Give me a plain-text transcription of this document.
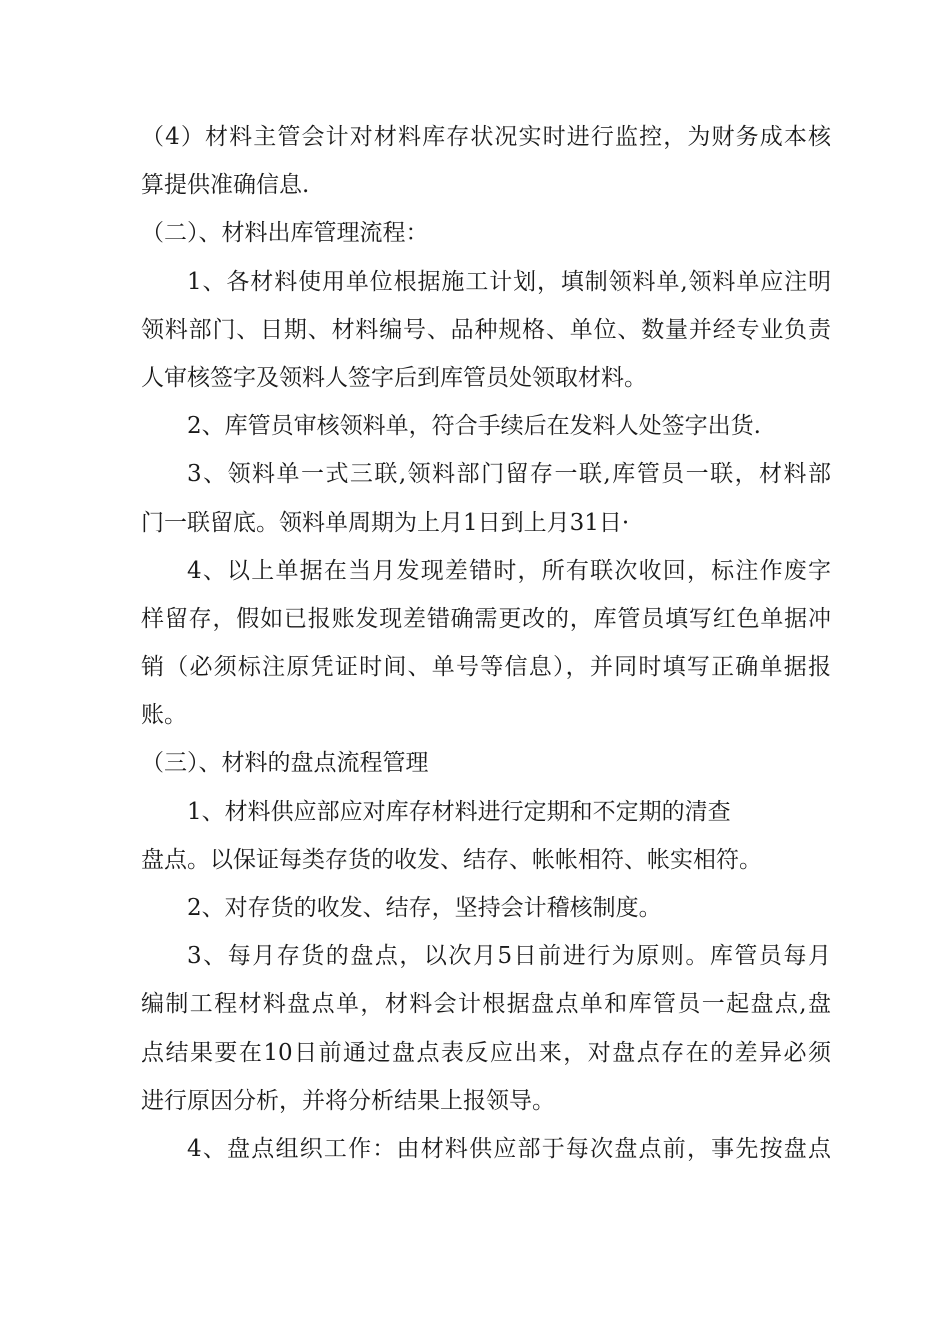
（4）材料主管会计对材料库存状况实时进行监控，为财务成本核
算提供准确信息.
（二）、材料出库管理流程：
1、各材料使用单位根据施工计划，填制领料单,领料单应注明
领料部门、日期、材料编号、品种规格、单位、数量并经专业负责
人审核签字及领料人签字后到库管员处领取材料。
2、库管员审核领料单，符合手续后在发料人处签字出货.
3、领料单一式三联,领料部门留存一联,库管员一联，材料部
门一联留底。领料单周期为上月1日到上月31日·
4、以上单据在当月发现差错时，所有联次收回，标注作废字
样留存，假如已报账发现差错确需更改的，库管员填写红色单据冲
销（必须标注原凭证时间、单号等信息），并同时填写正确单据报
账。
（三）、材料的盘点流程管理
1、材料供应部应对库存材料进行定期和不定期的清查
盘点。以保证每类存货的收发、结存、帐帐相符、帐实相符。
2、对存货的收发、结存，坚持会计稽核制度。
3、每月存货的盘点，以次月5日前进行为原则。库管员每月
编制工程材料盘点单，材料会计根据盘点单和库管员一起盘点,盘
点结果要在10日前通过盘点表反应出来，对盘点存在的差异必须
进行原因分析，并将分析结果上报领导。
4、盘点组织工作：由材料供应部于每次盘点前，事先按盘点
